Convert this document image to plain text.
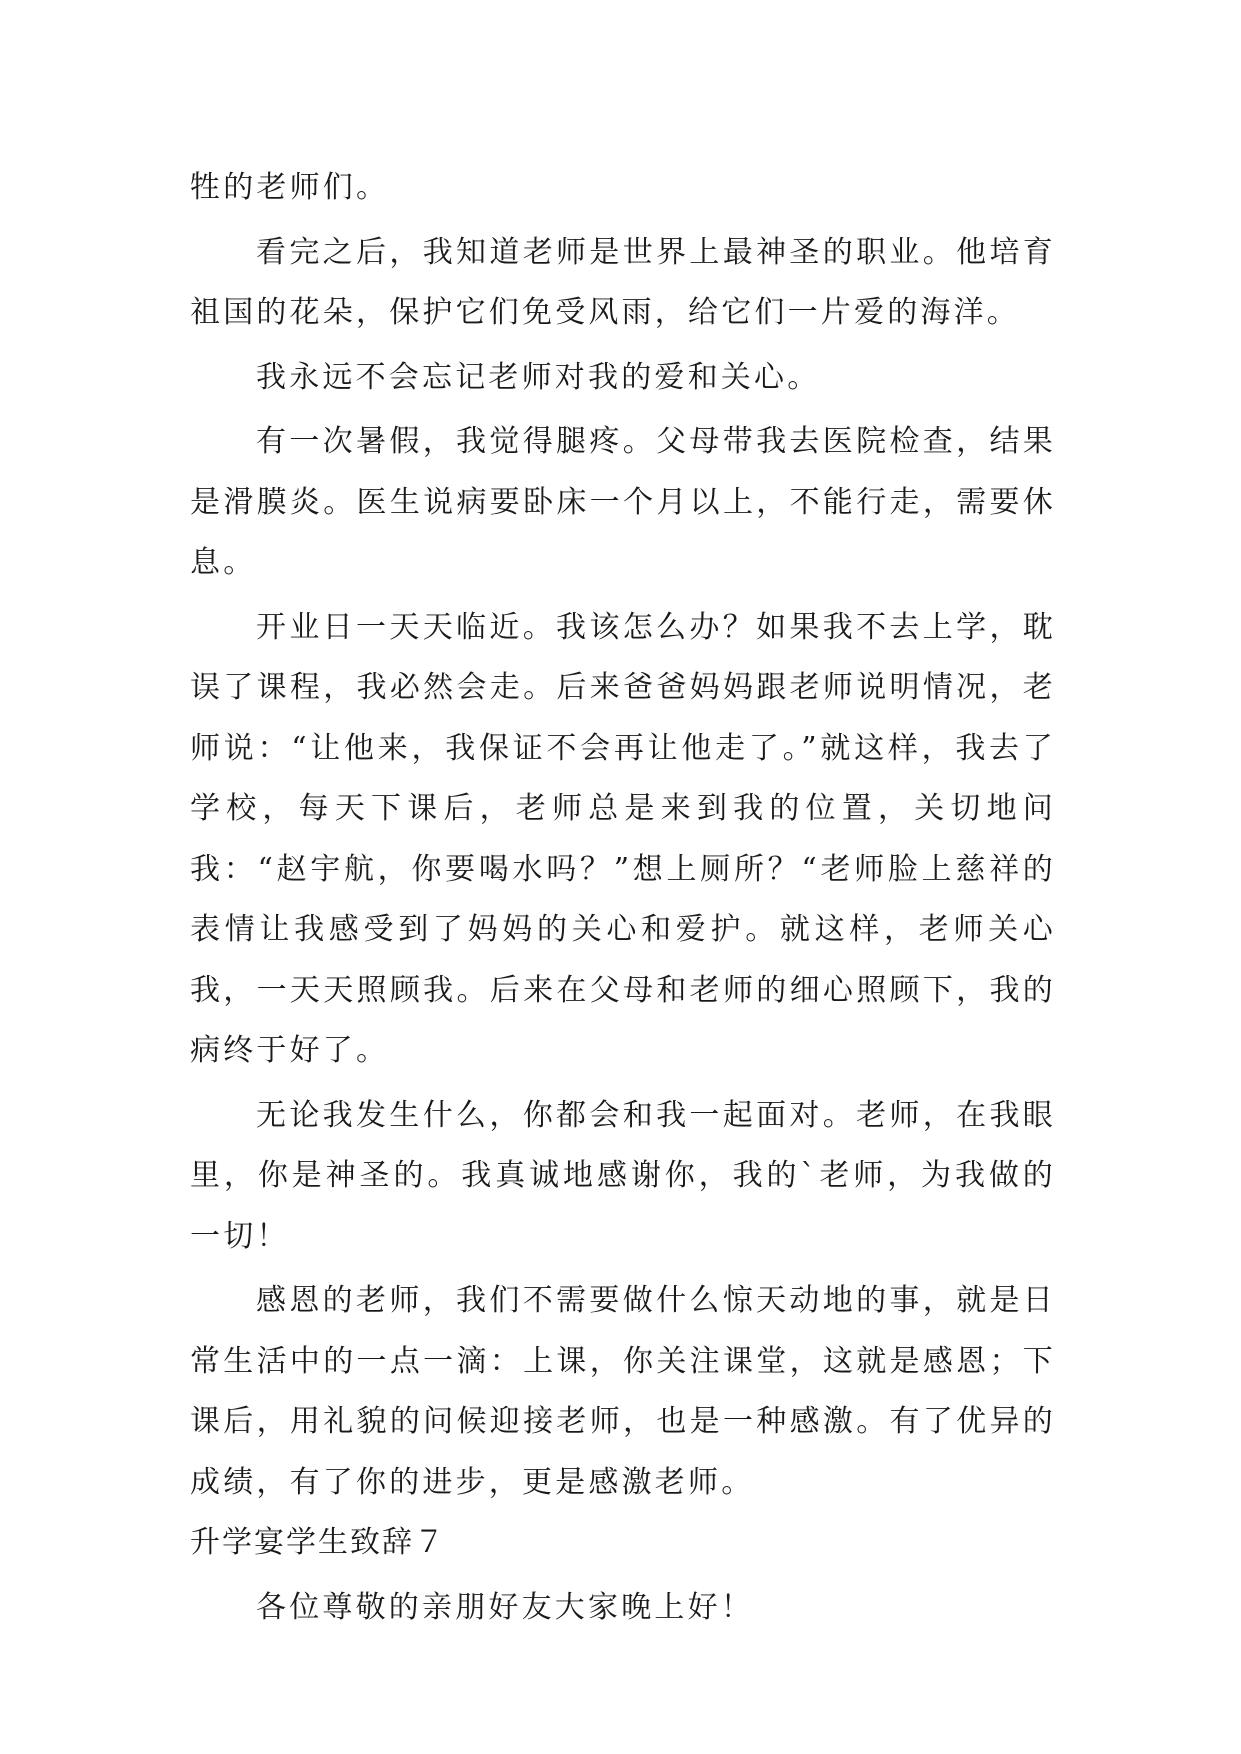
牲的老师们。

看完之后，我知道老师是世界上最神圣的职业。他培育祖国的花朵，保护它们免受风雨，给它们一片爱的海洋。

我永远不会忘记老师对我的爱和关心。

有一次暑假，我觉得腿疼。父母带我去医院检查，结果是滑膜炎。医生说病要卧床一个月以上，不能行走，需要休息。

开业日一天天临近。我该怎么办？如果我不去上学，耽误了课程，我必然会走。后来爸爸妈妈跟老师说明情况，老师说：“让他来，我保证不会再让他走了。”就这样，我去了学校，每天下课后，老师总是来到我的位置，关切地问我：“赵宇航，你要喝水吗？”想上厕所？“老师脸上慈祥的表情让我感受到了妈妈的关心和爱护。就这样，老师关心我，一天天照顾我。后来在父母和老师的细心照顾下，我的病终于好了。

无论我发生什么，你都会和我一起面对。老师，在我眼里，你是神圣的。我真诚地感谢你，我的`老师，为我做的一切！

感恩的老师，我们不需要做什么惊天动地的事，就是日常生活中的一点一滴：上课，你关注课堂，这就是感恩；下课后，用礼貌的问候迎接老师，也是一种感激。有了优异的成绩，有了你的进步，更是感激老师。

升学宴学生致辞７

各位尊敬的亲朋好友大家晚上好！
